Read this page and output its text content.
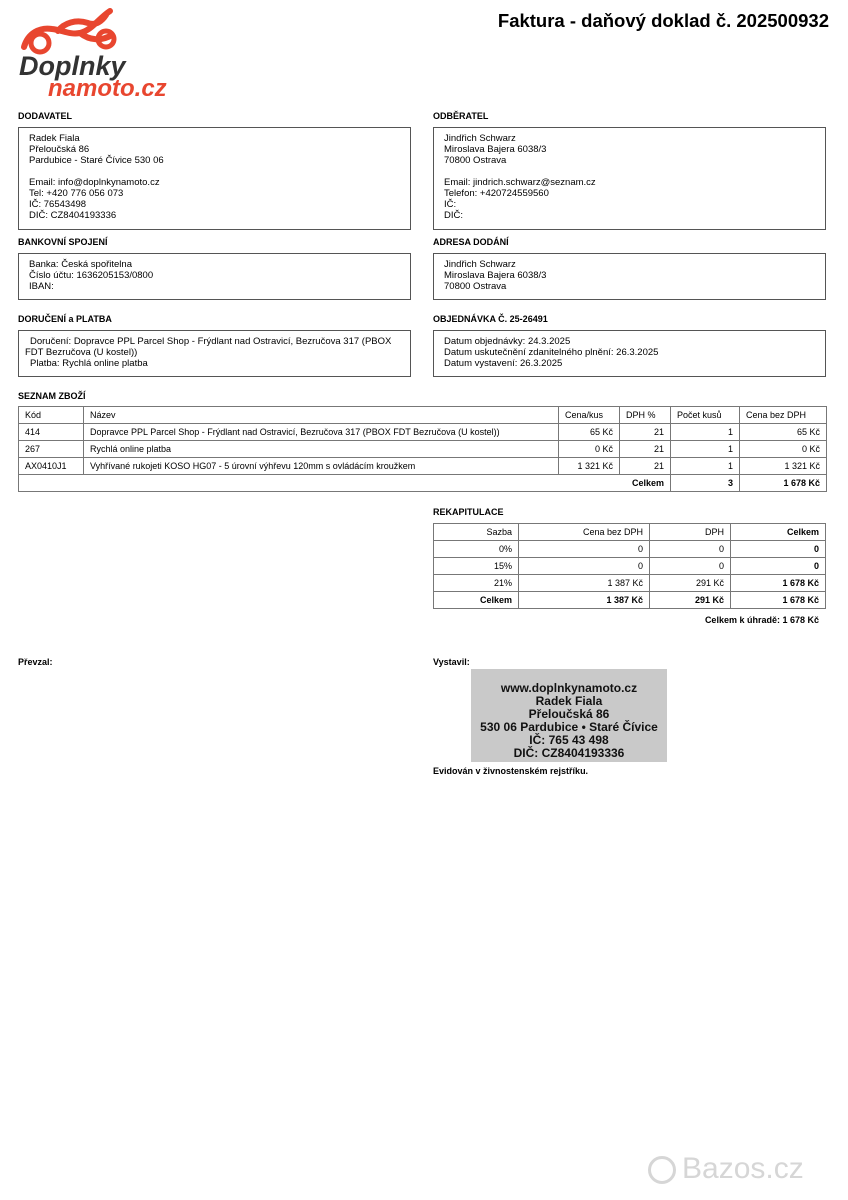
Doplnky
namoto.cz
Faktura - daňový doklad č. 202500932
DODAVATEL
Radek Fiala
Přeloučská 86
Pardubice - Staré Čívice 530 06
Email: info@doplnkynamoto.cz
Tel: +420 776 056 073
IČ: 76543498
DIČ: CZ8404193336
ODBĚRATEL
Jindřich Schwarz
Miroslava Bajera 6038/3
70800 Ostrava
Email: jindrich.schwarz@seznam.cz
Telefon: +420724559560
IČ:
DIČ:
BANKOVNÍ SPOJENÍ
Banka: Česká spořitelna
Číslo účtu: 1636205153/0800
IBAN:
ADRESA DODÁNÍ
Jindřich Schwarz
Miroslava Bajera 6038/3
70800 Ostrava
DORUČENÍ a PLATBA
Doručení: Dopravce PPL Parcel Shop - Frýdlant nad Ostravicí, Bezručova 317 (PBOX FDT Bezručova (U kostel))
Platba: Rychlá online platba
OBJEDNÁVKA Č. 25-26491
Datum objednávky: 24.3.2025
Datum uskutečnění zdanitelného plnění: 26.3.2025
Datum vystavení: 26.3.2025
SEZNAM ZBOŽÍ
Kód	Název	Cena/kus	DPH %	Počet kusů	Cena bez DPH
414	Dopravce PPL Parcel Shop - Frýdlant nad Ostravicí, Bezručova 317 (PBOX FDT Bezručova (U kostel))	65 Kč	21	1	65 Kč
267	Rychlá online platba	0 Kč	21	1	0 Kč
AX0410J1	Vyhřívané rukojeti KOSO HG07 - 5 úrovní výhřevu 120mm s ovládácím kroužkem	1 321 Kč	21	1	1 321 Kč
Celkem				3	1 678 Kč
REKAPITULACE
Sazba	Cena bez DPH	DPH	Celkem
0%	0	0	0
15%	0	0	0
21%	1 387 Kč	291 Kč	1 678 Kč
Celkem	1 387 Kč	291 Kč	1 678 Kč
Celkem k úhradě: 1 678 Kč
Převzal:	Vystavil:
www.doplnkynamoto.cz
Radek Fiala
Přeloučská 86
530 06 Pardubice • Staré Čívice
IČ: 765 43 498
DIČ: CZ8404193336
Evidován v živnostenském rejstříku.
Bazos.cz
